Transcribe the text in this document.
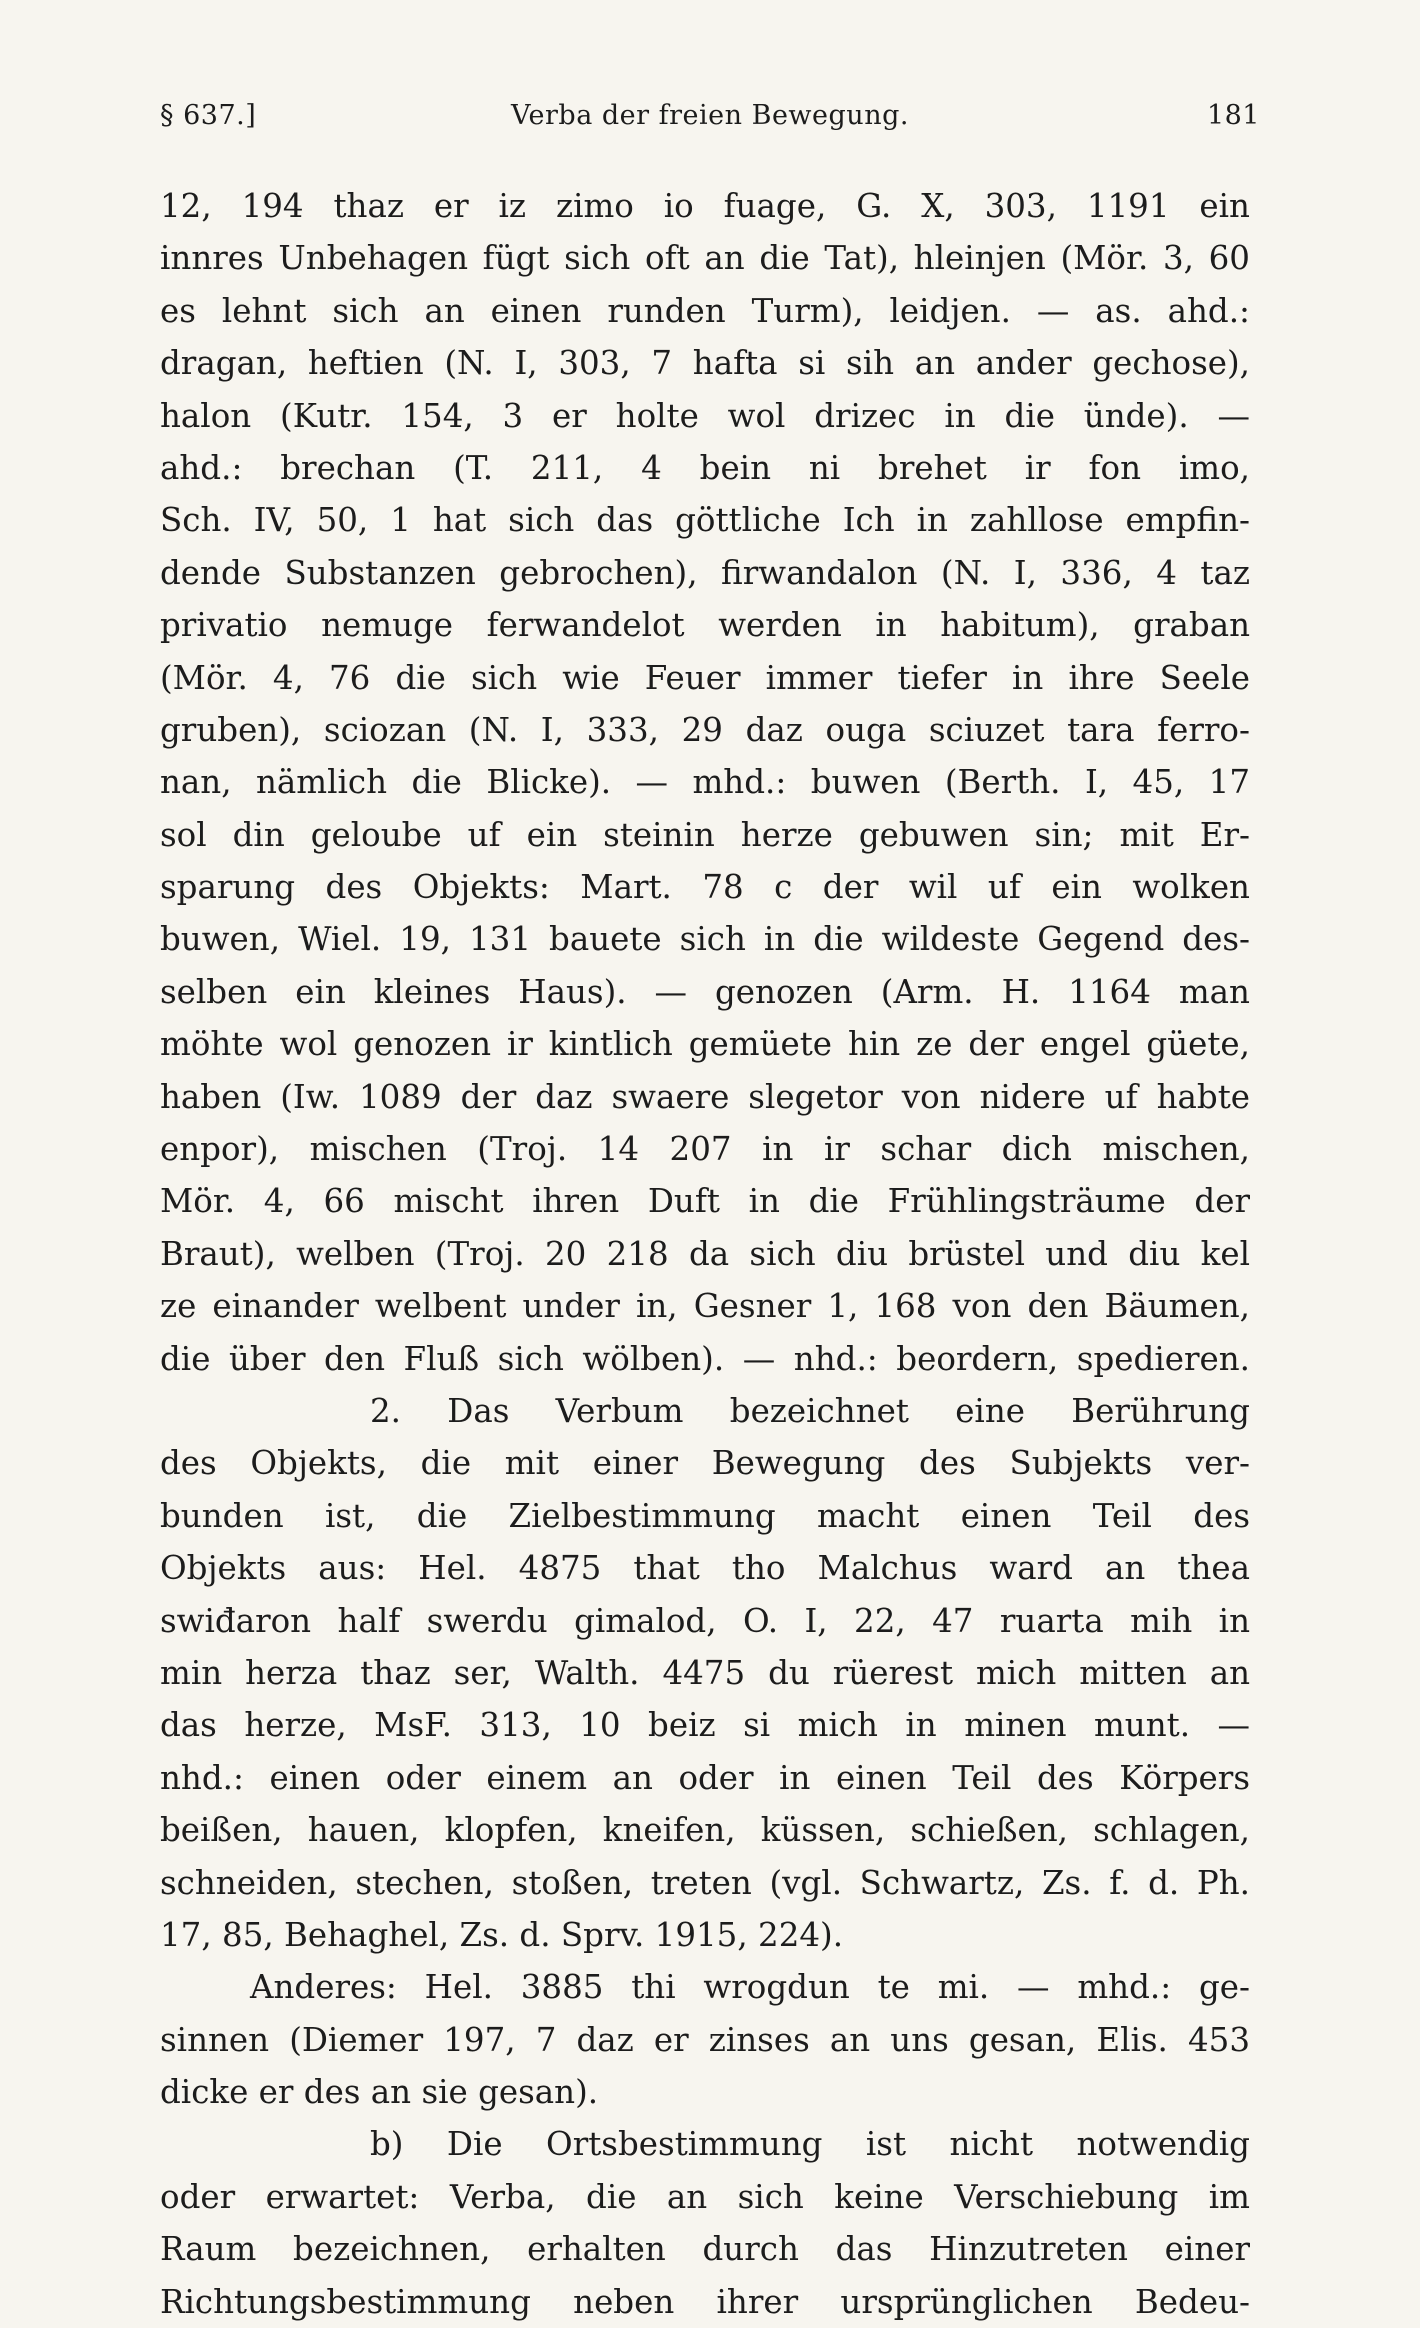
§ 637.]	Verba der freien Bewegung.	181
12, 194 thaz er iz zimo io fuage, G. X, 303, 1191 ein
innres Unbehagen fügt sich oft an die Tat), hleinjen (Mör. 3, 60
es lehnt sich an einen runden Turm), leidjen. — as. ahd.:
dragan, heftien (N. I, 303, 7 hafta si sih an ander gechose),
halon (Kutr. 154, 3 er holte wol drizec in die ünde). —
ahd.: brechan (T. 211, 4 bein ni brehet ir fon imo,
Sch. IV, 50, 1 hat sich das göttliche Ich in zahllose empfin-
dende Substanzen gebrochen), firwandalon (N. I, 336, 4 taz
privatio nemuge ferwandelot werden in habitum), graban
(Mör. 4, 76 die sich wie Feuer immer tiefer in ihre Seele
gruben), sciozan (N. I, 333, 29 daz ouga sciuzet tara ferro-
nan, nämlich die Blicke). — mhd.: buwen (Berth. I, 45, 17
sol din geloube uf ein steinin herze gebuwen sin; mit Er-
sparung des Objekts: Mart. 78 c der wil uf ein wolken
buwen, Wiel. 19, 131 bauete sich in die wildeste Gegend des-
selben ein kleines Haus). — genozen (Arm. H. 1164 man
möhte wol genozen ir kintlich gemüete hin ze der engel güete,
haben (Iw. 1089 der daz swaere slegetor von nidere uf habte
enpor), mischen (Troj. 14 207 in ir schar dich mischen,
Mör. 4, 66 mischt ihren Duft in die Frühlingsträume der
Braut), welben (Troj. 20 218 da sich diu brüstel und diu kel
ze einander welbent under in, Gesner 1, 168 von den Bäumen,
die über den Fluß sich wölben). — nhd.: beordern, spedieren.
2. Das Verbum bezeichnet eine Berührung
des Objekts, die mit einer Bewegung des Subjekts ver-
bunden ist, die Zielbestimmung macht einen Teil des
Objekts aus: Hel. 4875 that tho Malchus ward an thea
swiđaron half swerdu gimalod, O. I, 22, 47 ruarta mih in
min herza thaz ser, Walth. 4475 du rüerest mich mitten an
das herze, MsF. 313, 10 beiz si mich in minen munt. —
nhd.: einen oder einem an oder in einen Teil des Körpers
beißen, hauen, klopfen, kneifen, küssen, schießen, schlagen,
schneiden, stechen, stoßen, treten (vgl. Schwartz, Zs. f. d. Ph.
17, 85, Behaghel, Zs. d. Sprv. 1915, 224).
Anderes: Hel. 3885 thi wrogdun te mi. — mhd.: ge-
sinnen (Diemer 197, 7 daz er zinses an uns gesan, Elis. 453
dicke er des an sie gesan).
b) Die Ortsbestimmung ist nicht notwendig
oder erwartet: Verba, die an sich keine Verschiebung im
Raum bezeichnen, erhalten durch das Hinzutreten einer
Richtungsbestimmung neben ihrer ursprünglichen Bedeu-
